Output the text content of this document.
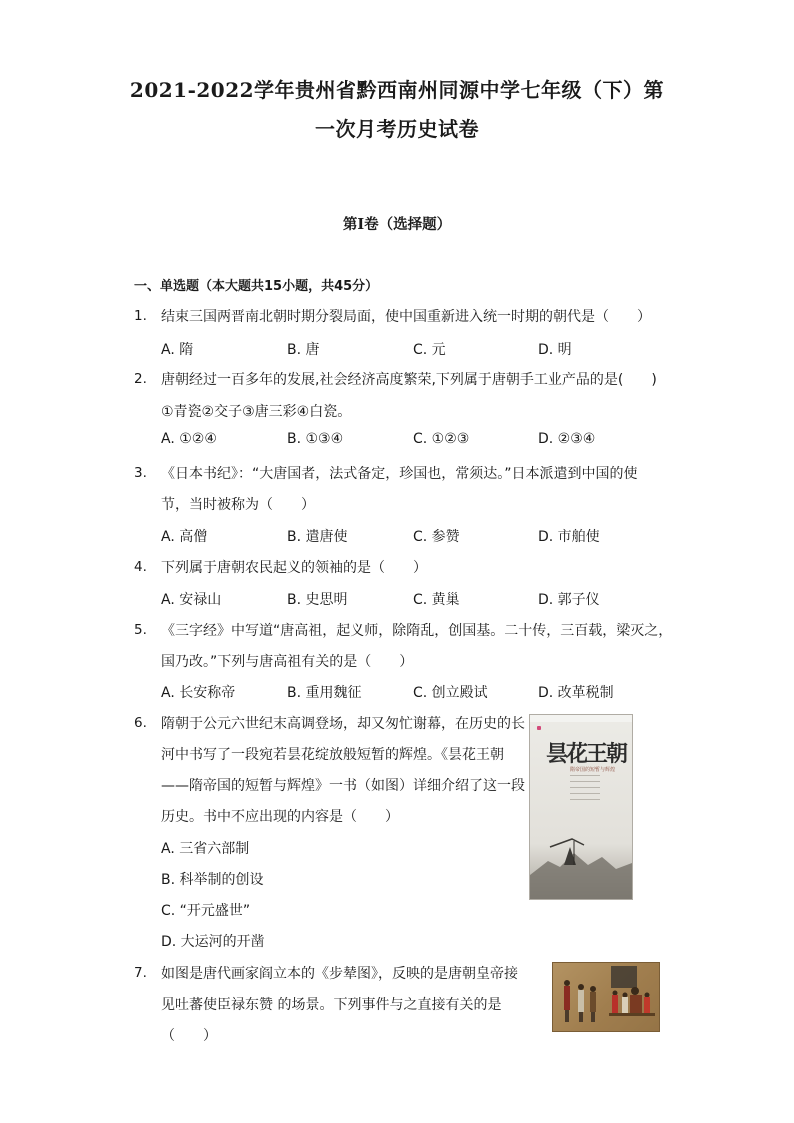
2021-2022学年贵州省黔西南州同源中学七年级（下）第
一次月考历史试卷
第I卷（选择题）
一、单选题（本大题共15小题，共45分）
1. 结束三国两晋南北朝时期分裂局面，使中国重新进入统一时期的朝代是（　　）
A. 隋	B. 唐	C. 元	D. 明
2. 唐朝经过一百多年的发展,社会经济高度繁荣,下列属于唐朝手工业产品的是(　　)
①青瓷②交子③唐三彩④白瓷。
A. ①②④	B. ①③④	C. ①②③	D. ②③④
3. 《日本书纪》：“大唐国者，法式备定，珍国也，常须达。”日本派遣到中国的使
节，当时被称为（　　）
A. 高僧	B. 遣唐使	C. 参赞	D. 市舶使
4. 下列属于唐朝农民起义的领袖的是（　　）
A. 安禄山	B. 史思明	C. 黄巢	D. 郭子仪
5. 《三字经》中写道“唐高祖，起义师，除隋乱，创国基。二十传，三百载，梁灭之，
国乃改。”下列与唐高祖有关的是（　　）
A. 长安称帝	B. 重用魏征	C. 创立殿试	D. 改革税制
6. 隋朝于公元六世纪末高调登场，却又匆忙谢幕，在历史的长
河中书写了一段宛若昙花绽放般短暂的辉煌。《昙花王朝
——隋帝国的短暂与辉煌》一书（如图）详细介绍了这一段
历史。书中不应出现的内容是（　　）
A. 三省六部制
B. 科举制的创设
C. “开元盛世”
D. 大运河的开凿
昙花王朝
隋帝国的短暂与辉煌
7. 如图是唐代画家阎立本的《步辇图》，反映的是唐朝皇帝接
见吐蕃使臣禄东赞 的场景。下列事件与之直接有关的是
（　　）
